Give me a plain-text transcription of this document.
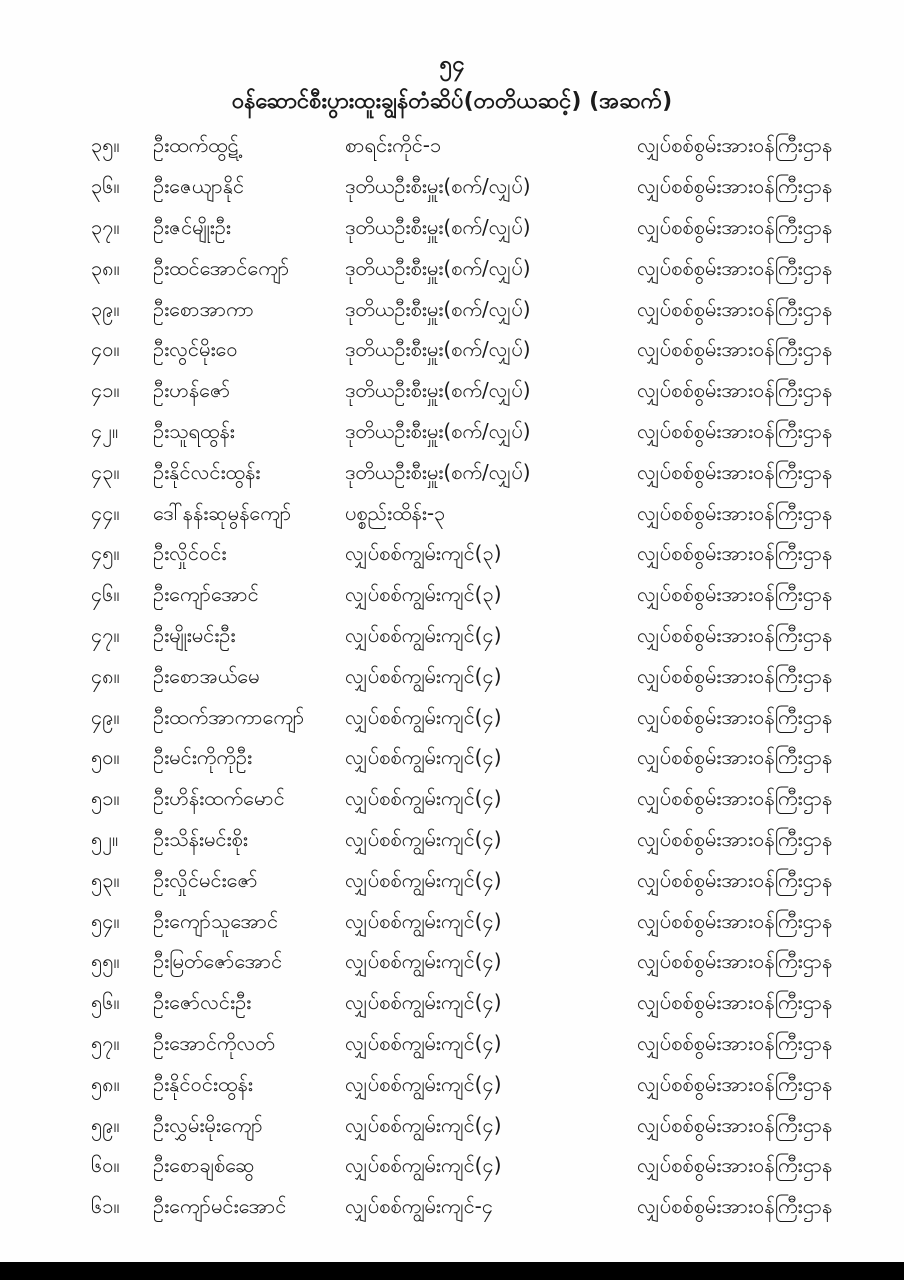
၅၄
ဝန်ဆောင်စီးပွားထူးချွန်တံဆိပ်(တတိယဆင့်) (အဆက်)
၃၅။	ဦးထက်ထွဋ့်	စာရင်းကိုင်-၁	လျှပ်စစ်စွမ်းအားဝန်ကြီးဌာန
၃၆။	ဦးဇေယျာနိုင်	ဒုတိယဦးစီးမှူး(စက်/လျှပ်)	လျှပ်စစ်စွမ်းအားဝန်ကြီးဌာန
၃၇။	ဦးဇင်မျိုးဦး	ဒုတိယဦးစီးမှူး(စက်/လျှပ်)	လျှပ်စစ်စွမ်းအားဝန်ကြီးဌာန
၃၈။	ဦးထင်အောင်ကျော်	ဒုတိယဦးစီးမှူး(စက်/လျှပ်)	လျှပ်စစ်စွမ်းအားဝန်ကြီးဌာန
၃၉။	ဦးစောအာကာ	ဒုတိယဦးစီးမှူး(စက်/လျှပ်)	လျှပ်စစ်စွမ်းအားဝန်ကြီးဌာန
၄၀။	ဦးလွင်မိုးဝေ	ဒုတိယဦးစီးမှူး(စက်/လျှပ်)	လျှပ်စစ်စွမ်းအားဝန်ကြီးဌာန
၄၁။	ဦးဟန်ဇော်	ဒုတိယဦးစီးမှူး(စက်/လျှပ်)	လျှပ်စစ်စွမ်းအားဝန်ကြီးဌာန
၄၂။	ဦးသူရထွန်း	ဒုတိယဦးစီးမှူး(စက်/လျှပ်)	လျှပ်စစ်စွမ်းအားဝန်ကြီးဌာန
၄၃။	ဦးနိုင်လင်းထွန်း	ဒုတိယဦးစီးမှူး(စက်/လျှပ်)	လျှပ်စစ်စွမ်းအားဝန်ကြီးဌာန
၄၄။	ဒေါ်နန်းဆုမွန်ကျော်	ပစ္စည်းထိန်း-၃	လျှပ်စစ်စွမ်းအားဝန်ကြီးဌာန
၄၅။	ဦးလှိုင်ဝင်း	လျှပ်စစ်ကျွမ်းကျင်(၃)	လျှပ်စစ်စွမ်းအားဝန်ကြီးဌာန
၄၆။	ဦးကျော်အောင်	လျှပ်စစ်ကျွမ်းကျင်(၃)	လျှပ်စစ်စွမ်းအားဝန်ကြီးဌာန
၄၇။	ဦးမျိုးမင်းဦး	လျှပ်စစ်ကျွမ်းကျင်(၄)	လျှပ်စစ်စွမ်းအားဝန်ကြီးဌာန
၄၈။	ဦးစောအယ်မေ	လျှပ်စစ်ကျွမ်းကျင်(၄)	လျှပ်စစ်စွမ်းအားဝန်ကြီးဌာန
၄၉။	ဦးထက်အာကာကျော်	လျှပ်စစ်ကျွမ်းကျင်(၄)	လျှပ်စစ်စွမ်းအားဝန်ကြီးဌာန
၅၀။	ဦးမင်းကိုကိုဦး	လျှပ်စစ်ကျွမ်းကျင်(၄)	လျှပ်စစ်စွမ်းအားဝန်ကြီးဌာန
၅၁။	ဦးဟိန်းထက်မောင်	လျှပ်စစ်ကျွမ်းကျင်(၄)	လျှပ်စစ်စွမ်းအားဝန်ကြီးဌာန
၅၂။	ဦးသိန်းမင်းစိုး	လျှပ်စစ်ကျွမ်းကျင်(၄)	လျှပ်စစ်စွမ်းအားဝန်ကြီးဌာန
၅၃။	ဦးလှိုင်မင်းဇော်	လျှပ်စစ်ကျွမ်းကျင်(၄)	လျှပ်စစ်စွမ်းအားဝန်ကြီးဌာန
၅၄။	ဦးကျော်သူအောင်	လျှပ်စစ်ကျွမ်းကျင်(၄)	လျှပ်စစ်စွမ်းအားဝန်ကြီးဌာန
၅၅။	ဦးမြတ်ဇော်အောင်	လျှပ်စစ်ကျွမ်းကျင်(၄)	လျှပ်စစ်စွမ်းအားဝန်ကြီးဌာန
၅၆။	ဦးဇော်လင်းဦး	လျှပ်စစ်ကျွမ်းကျင်(၄)	လျှပ်စစ်စွမ်းအားဝန်ကြီးဌာန
၅၇။	ဦးအောင်ကိုလတ်	လျှပ်စစ်ကျွမ်းကျင်(၄)	လျှပ်စစ်စွမ်းအားဝန်ကြီးဌာန
၅၈။	ဦးနိုင်ဝင်းထွန်း	လျှပ်စစ်ကျွမ်းကျင်(၄)	လျှပ်စစ်စွမ်းအားဝန်ကြီးဌာန
၅၉။	ဦးလွှမ်းမိုးကျော်	လျှပ်စစ်ကျွမ်းကျင်(၄)	လျှပ်စစ်စွမ်းအားဝန်ကြီးဌာန
၆၀။	ဦးစောချစ်ဆွေ	လျှပ်စစ်ကျွမ်းကျင်(၄)	လျှပ်စစ်စွမ်းအားဝန်ကြီးဌာန
၆၁။	ဦးကျော်မင်းအောင်	လျှပ်စစ်ကျွမ်းကျင်-၄	လျှပ်စစ်စွမ်းအားဝန်ကြီးဌာန
